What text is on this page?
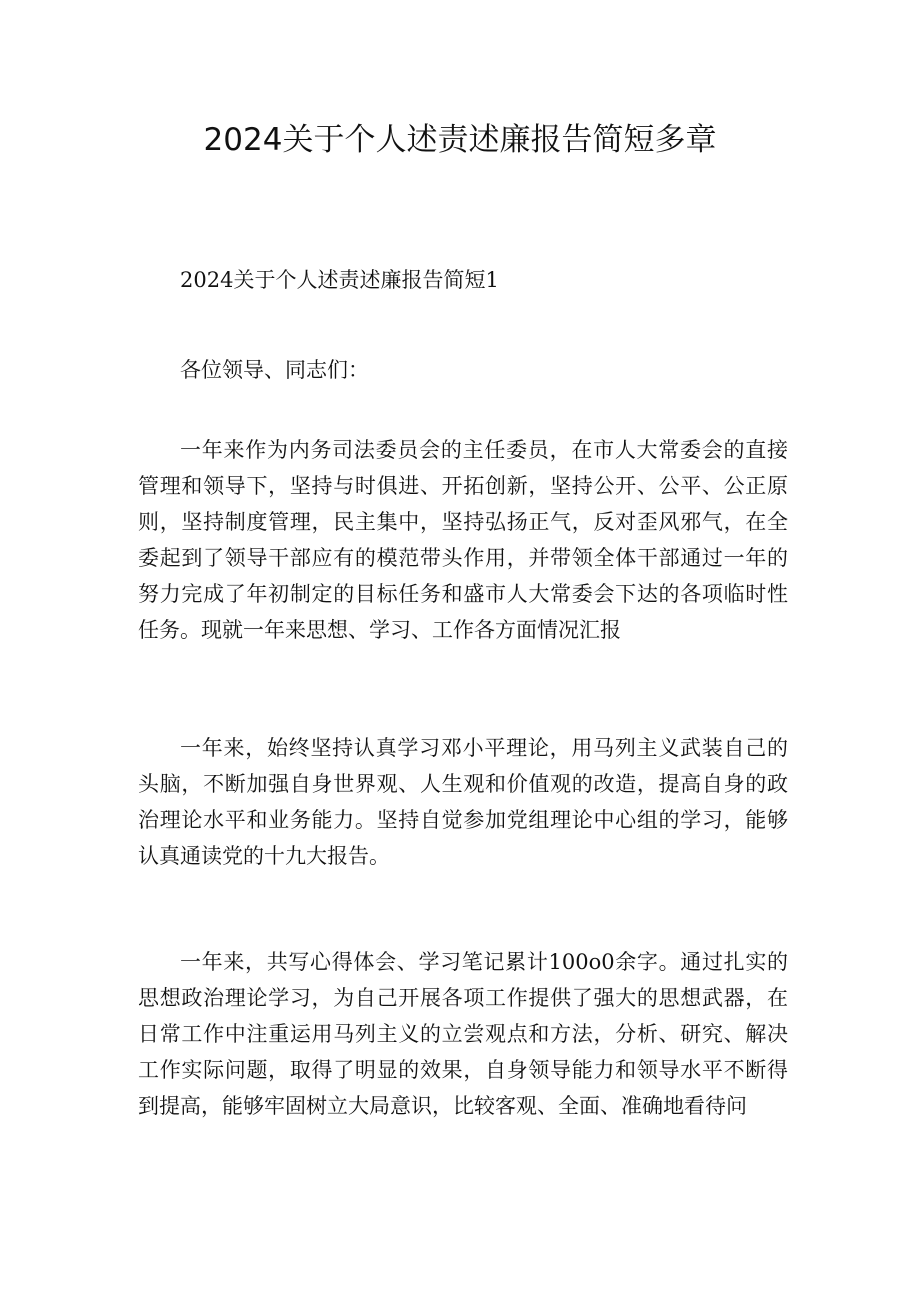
2024关于个人述责述廉报告简短多章

2024关于个人述责述廉报告简短1

各位领导、同志们：

一年来作为内务司法委员会的主任委员，在市人大常委会的直接管理和领导下，坚持与时俱进、开拓创新，坚持公开、公平、公正原则，坚持制度管理，民主集中，坚持弘扬正气，反对歪风邪气，在全委起到了领导干部应有的模范带头作用，并带领全体干部通过一年的努力完成了年初制定的目标任务和盛市人大常委会下达的各项临时性任务。现就一年来思想、学习、工作各方面情况汇报

一年来，始终坚持认真学习邓小平理论，用马列主义武装自己的头脑，不断加强自身世界观、人生观和价值观的改造，提高自身的政治理论水平和业务能力。坚持自觉参加党组理论中心组的学习，能够认真通读党的十九大报告。

一年来，共写心得体会、学习笔记累计100o0余字。通过扎实的思想政治理论学习，为自己开展各项工作提供了强大的思想武器，在日常工作中注重运用马列主义的立尝观点和方法，分析、研究、解决工作实际问题，取得了明显的效果，自身领导能力和领导水平不断得到提高，能够牢固树立大局意识，比较客观、全面、准确地看待问
